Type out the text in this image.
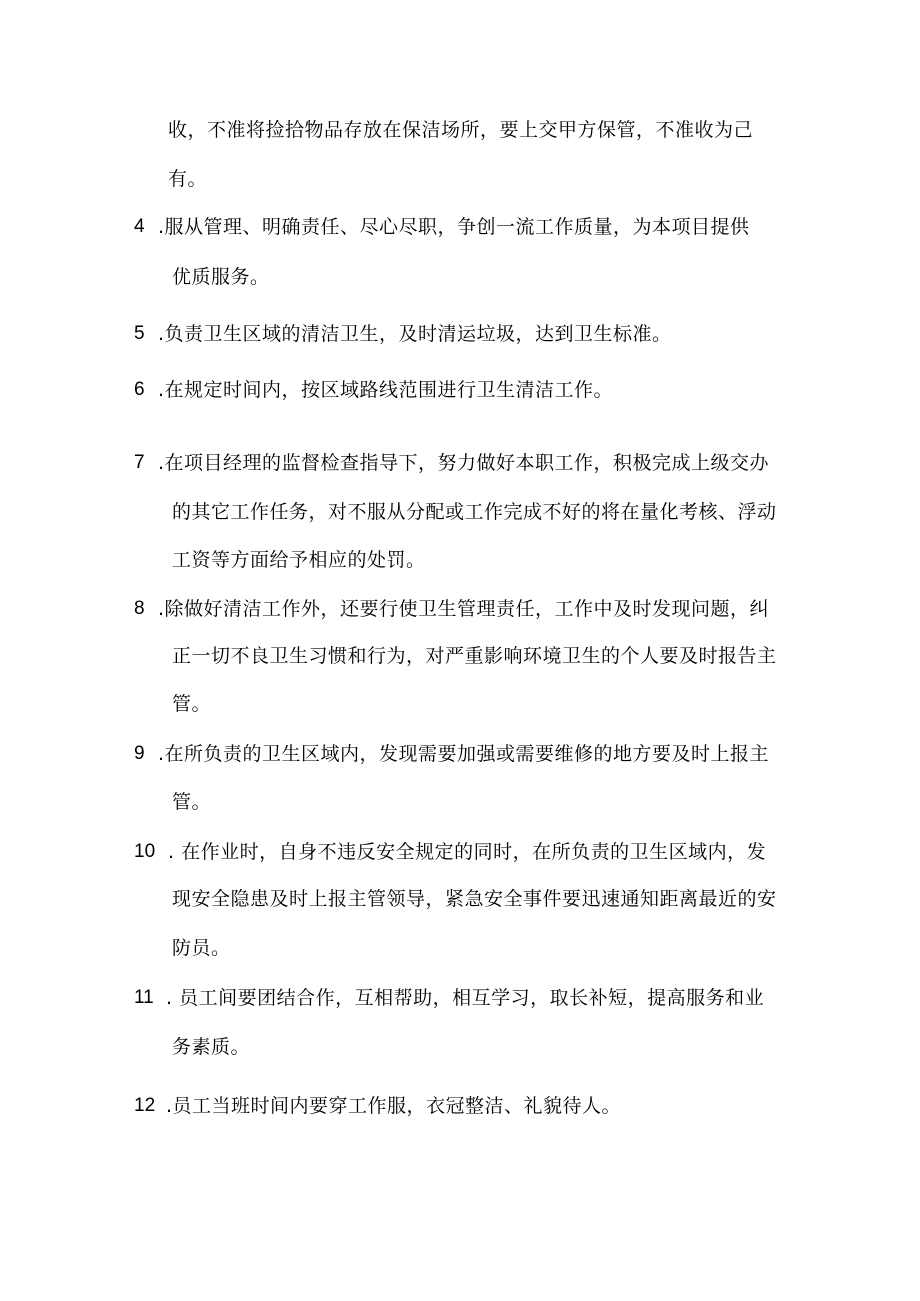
收，不准将捡拾物品存放在保洁场所，要上交甲方保管，不准收为己
有。
4 .服从管理、明确责任、尽心尽职，争创一流工作质量，为本项目提供
优质服务。
5 .负责卫生区域的清洁卫生，及时清运垃圾，达到卫生标准。
6 .在规定时间内，按区域路线范围进行卫生清洁工作。
7 .在项目经理的监督检查指导下，努力做好本职工作，积极完成上级交办
的其它工作任务，对不服从分配或工作完成不好的将在量化考核、浮动
工资等方面给予相应的处罚。
8 .除做好清洁工作外，还要行使卫生管理责任，工作中及时发现问题，纠
正一切不良卫生习惯和行为，对严重影响环境卫生的个人要及时报告主
管。
9 .在所负责的卫生区域内，发现需要加强或需要维修的地方要及时上报主
管。
10 . 在作业时，自身不违反安全规定的同时，在所负责的卫生区域内，发
现安全隐患及时上报主管领导，紧急安全事件要迅速通知距离最近的安
防员。
11 . 员工间要团结合作，互相帮助，相互学习，取长补短，提高服务和业
务素质。
12 .员工当班时间内要穿工作服，衣冠整洁、礼貌待人。
